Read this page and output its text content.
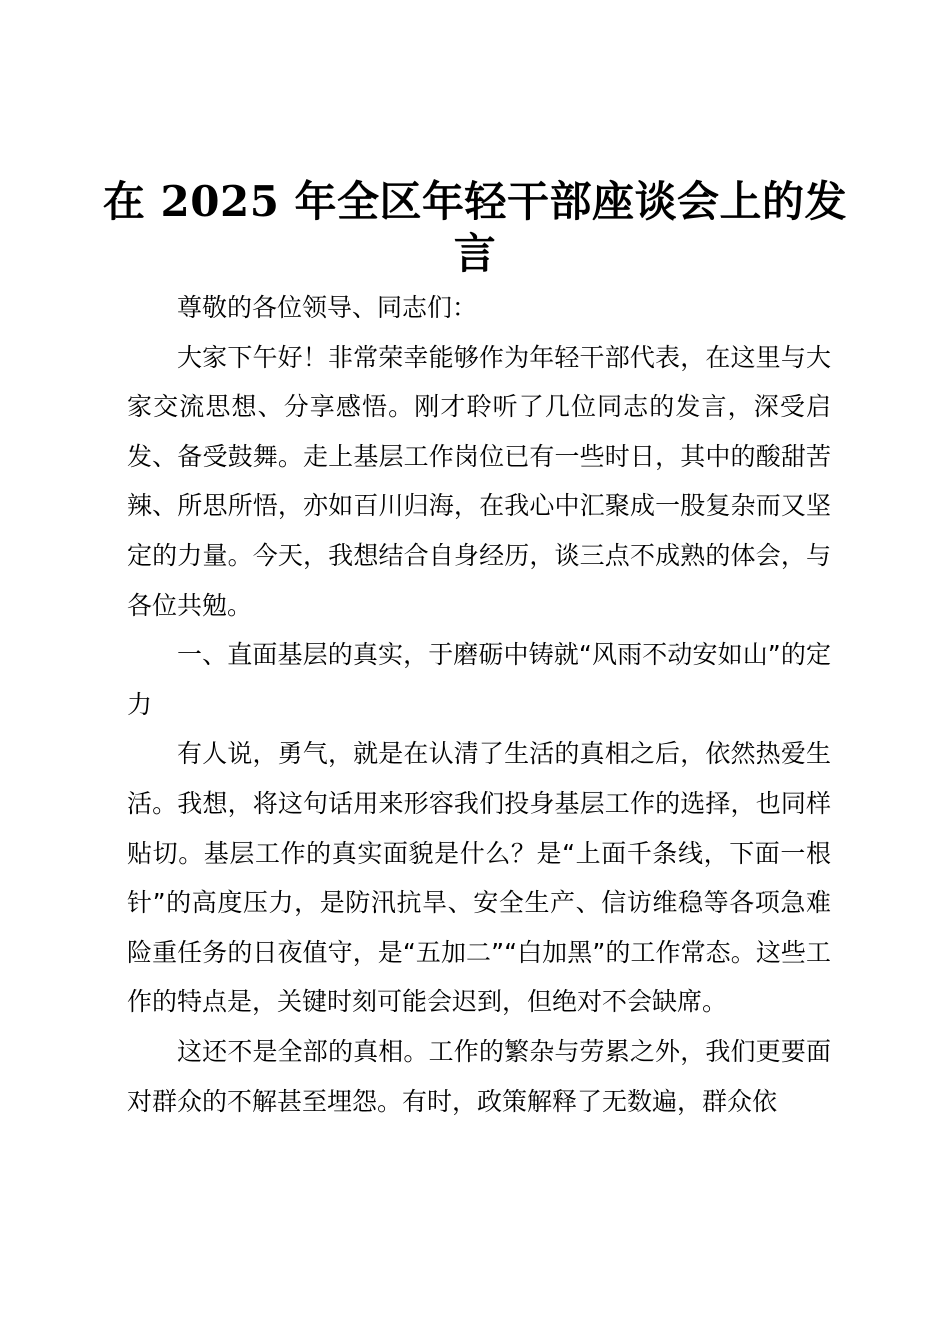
在 2025 年全区年轻干部座谈会上的发言

尊敬的各位领导、同志们：

大家下午好！非常荣幸能够作为年轻干部代表，在这里与大家交流思想、分享感悟。刚才聆听了几位同志的发言，深受启发、备受鼓舞。走上基层工作岗位已有一些时日，其中的酸甜苦辣、所思所悟，亦如百川归海，在我心中汇聚成一股复杂而又坚定的力量。今天，我想结合自身经历，谈三点不成熟的体会，与各位共勉。

一、直面基层的真实，于磨砺中铸就“风雨不动安如山”的定力

有人说，勇气，就是在认清了生活的真相之后，依然热爱生活。我想，将这句话用来形容我们投身基层工作的选择，也同样贴切。基层工作的真实面貌是什么？是“上面千条线，下面一根针”的高度压力，是防汛抗旱、安全生产、信访维稳等各项急难险重任务的日夜值守，是“五加二”“白加黑”的工作常态。这些工作的特点是，关键时刻可能会迟到，但绝对不会缺席。

这还不是全部的真相。工作的繁杂与劳累之外，我们更要面对群众的不解甚至埋怨。有时，政策解释了无数遍，群众依
